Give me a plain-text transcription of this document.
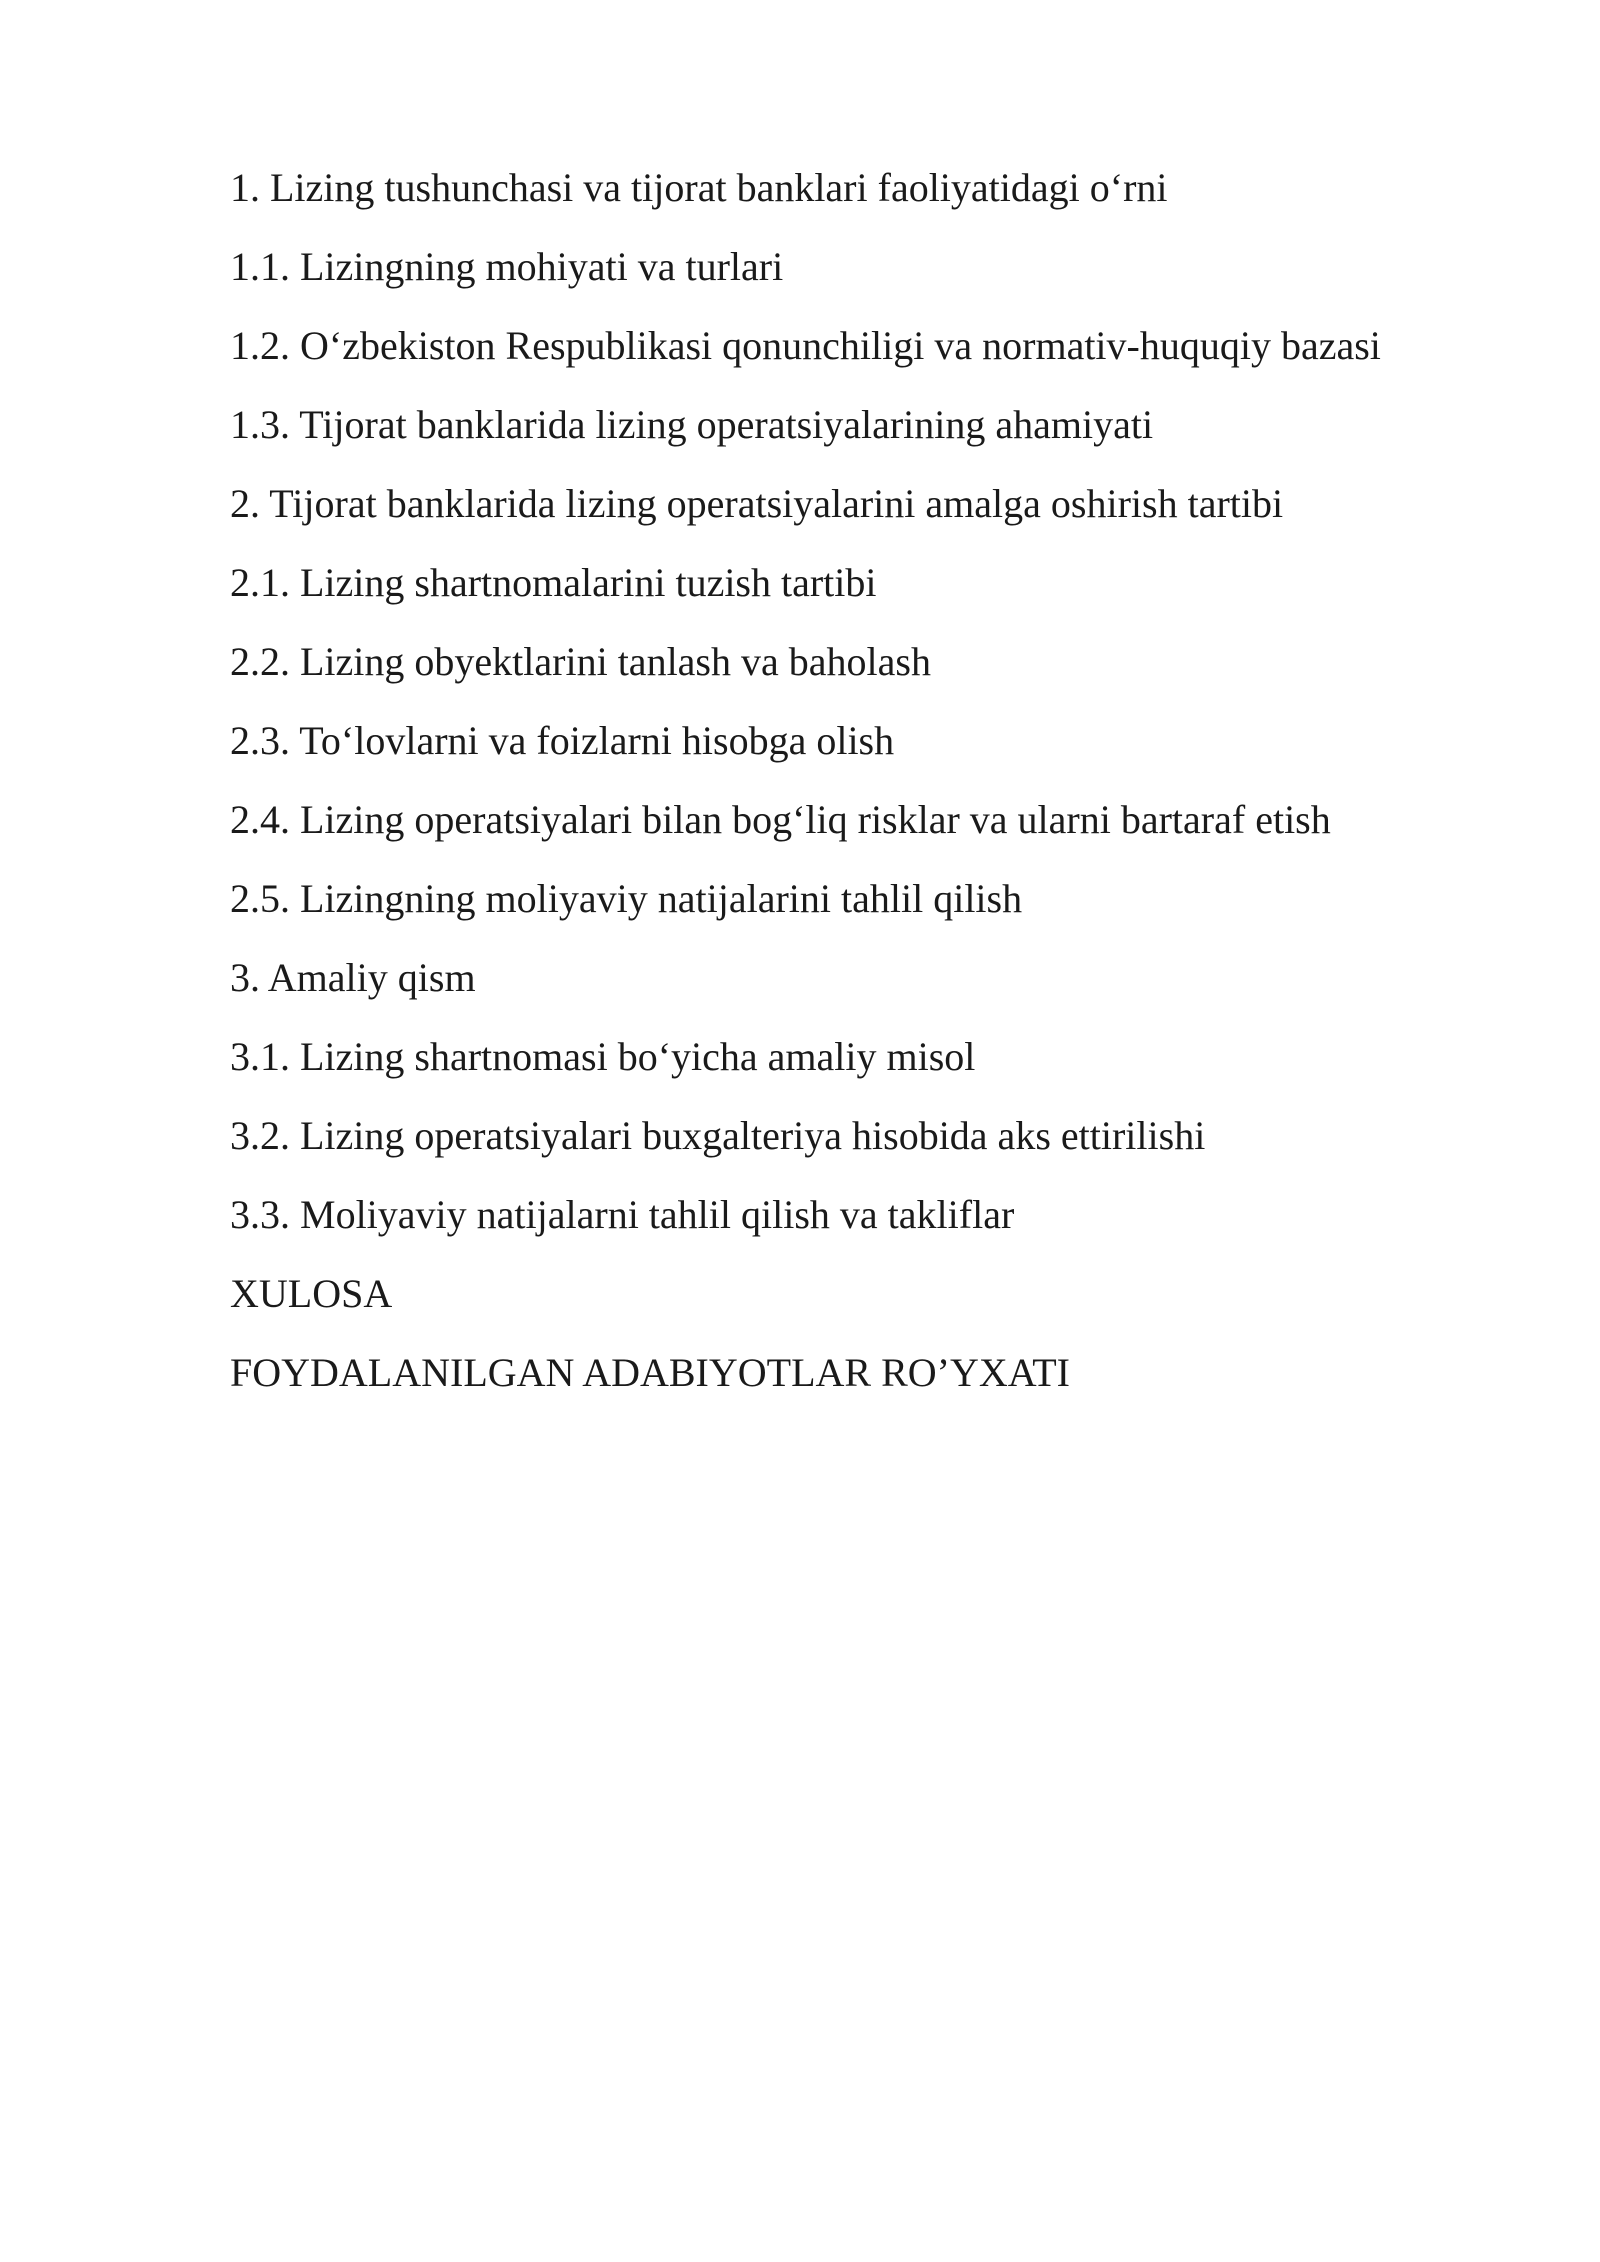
1. Lizing tushunchasi va tijorat banklari faoliyatidagi o‘rni
1.1. Lizingning mohiyati va turlari
1.2. O‘zbekiston Respublikasi qonunchiligi va normativ-huquqiy bazasi
1.3. Tijorat banklarida lizing operatsiyalarining ahamiyati
2. Tijorat banklarida lizing operatsiyalarini amalga oshirish tartibi
2.1. Lizing shartnomalarini tuzish tartibi
2.2. Lizing obyektlarini tanlash va baholash
2.3. To‘lovlarni va foizlarni hisobga olish
2.4. Lizing operatsiyalari bilan bog‘liq risklar va ularni bartaraf etish
2.5. Lizingning moliyaviy natijalarini tahlil qilish
3. Amaliy qism
3.1. Lizing shartnomasi bo‘yicha amaliy misol
3.2. Lizing operatsiyalari buxgalteriya hisobida aks ettirilishi
3.3. Moliyaviy natijalarni tahlil qilish va takliflar
XULOSA
FOYDALANILGAN ADABIYOTLAR RO’YXATI
